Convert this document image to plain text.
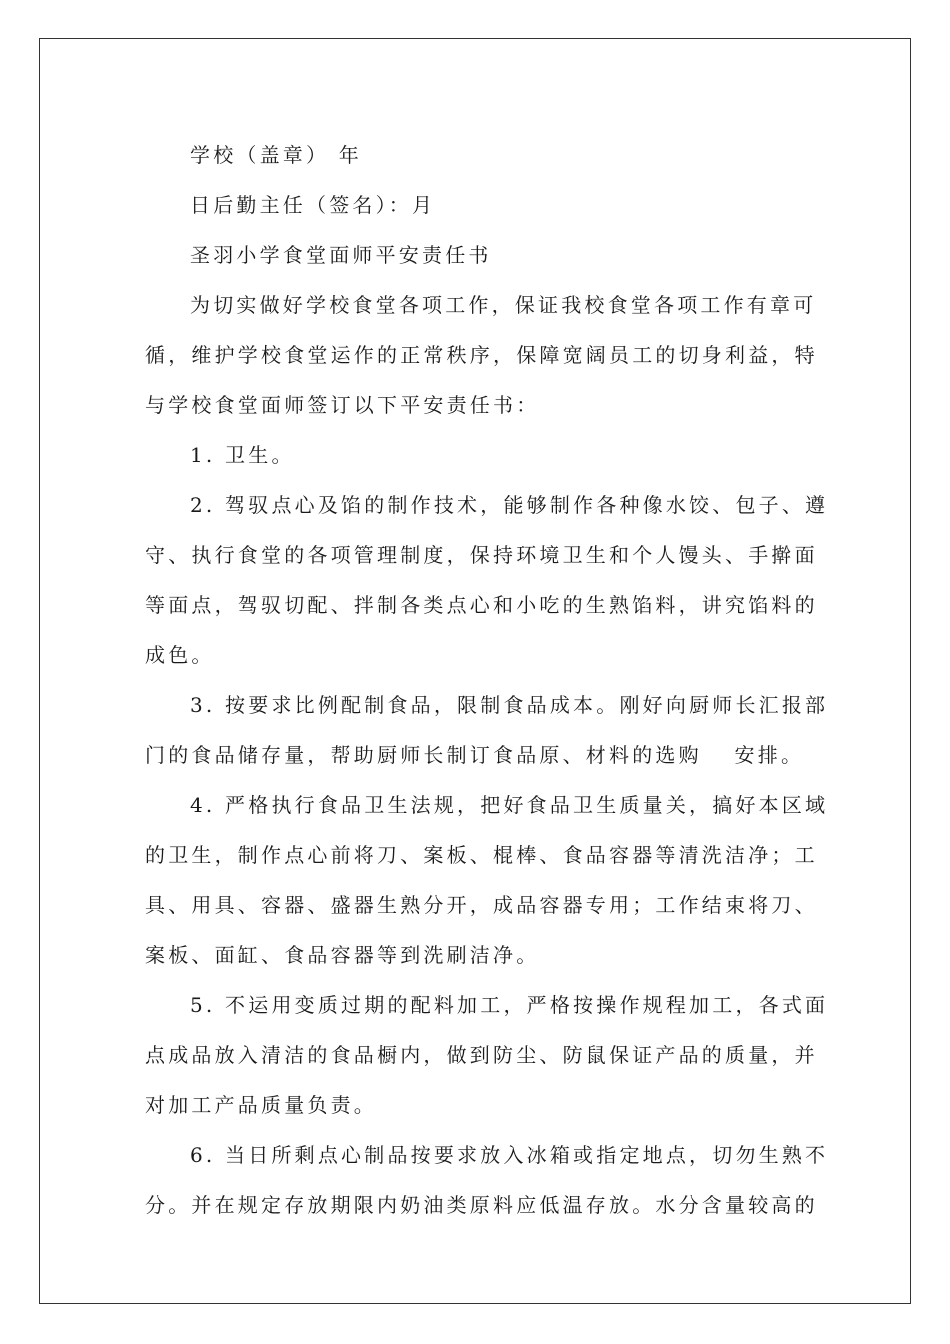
学校（盖章） 年

日后勤主任（签名）：月

圣羽小学食堂面师平安责任书

为切实做好学校食堂各项工作，保证我校食堂各项工作有章可

循，维护学校食堂运作的正常秩序，保障宽阔员工的切身利益，特

与学校食堂面师签订以下平安责任书：

1. 卫生。

2. 驾驭点心及馅的制作技术，能够制作各种像水饺、包子、遵

守、执行食堂的各项管理制度，保持环境卫生和个人馒头、手擀面

等面点，驾驭切配、拌制各类点心和小吃的生熟馅料，讲究馅料的

成色。

3. 按要求比例配制食品，限制食品成本。刚好向厨师长汇报部

门的食品储存量，帮助厨师长制订食品原、材料的选购　 安排。

4. 严格执行食品卫生法规，把好食品卫生质量关，搞好本区域

的卫生，制作点心前将刀、案板、棍棒、食品容器等清洗洁净；工

具、用具、容器、盛器生熟分开，成品容器专用；工作结束将刀、

案板、面缸、食品容器等到洗刷洁净。

5. 不运用变质过期的配料加工，严格按操作规程加工，各式面

点成品放入清洁的食品橱内，做到防尘、防鼠保证产品的质量，并

对加工产品质量负责。

6. 当日所剩点心制品按要求放入冰箱或指定地点，切勿生熟不

分。并在规定存放期限内奶油类原料应低温存放。水分含量较高的
